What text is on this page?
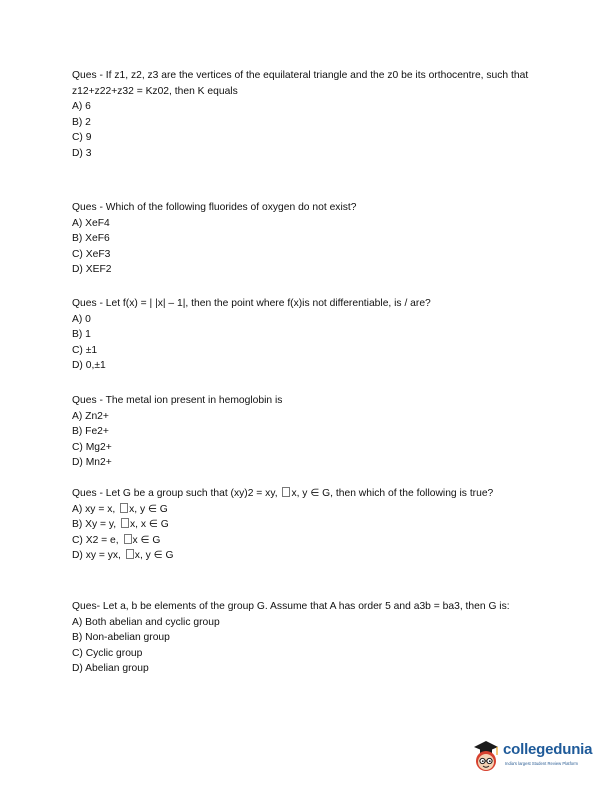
Ques - If z1, z2, z3 are the vertices of the equilateral triangle and the z0 be its orthocentre, such that z12+z22+z32 = Kz02, then K equals
A) 6
B) 2
C) 9
D) 3
Ques - Which of the following fluorides of oxygen do not exist?
A) XeF4
B) XeF6
C) XeF3
D) XEF2
Ques - Let f(x) = | |x| – 1|, then the point where f(x)is not differentiable, is / are?
A) 0
B) 1
C) ±1
D) 0,±1
Ques - The metal ion present in hemoglobin is
A) Zn2+
B) Fe2+
C) Mg2+
D) Mn2+
Ques - Let G be a group such that (xy)2 = xy, x, y ∈ G, then which of the following is true?
A) xy = x, x, y ∈ G
B) Xy = y, x, x ∈ G
C) X2 = e, x ∈ G
D) xy = yx, x, y ∈ G
Ques- Let a, b be elements of the group G. Assume that A has order 5 and a3b = ba3, then G is:
A) Both abelian and cyclic group
B) Non-abelian group
C) Cyclic group
D) Abelian group
collegedunia
India's largest Student Review Platform
